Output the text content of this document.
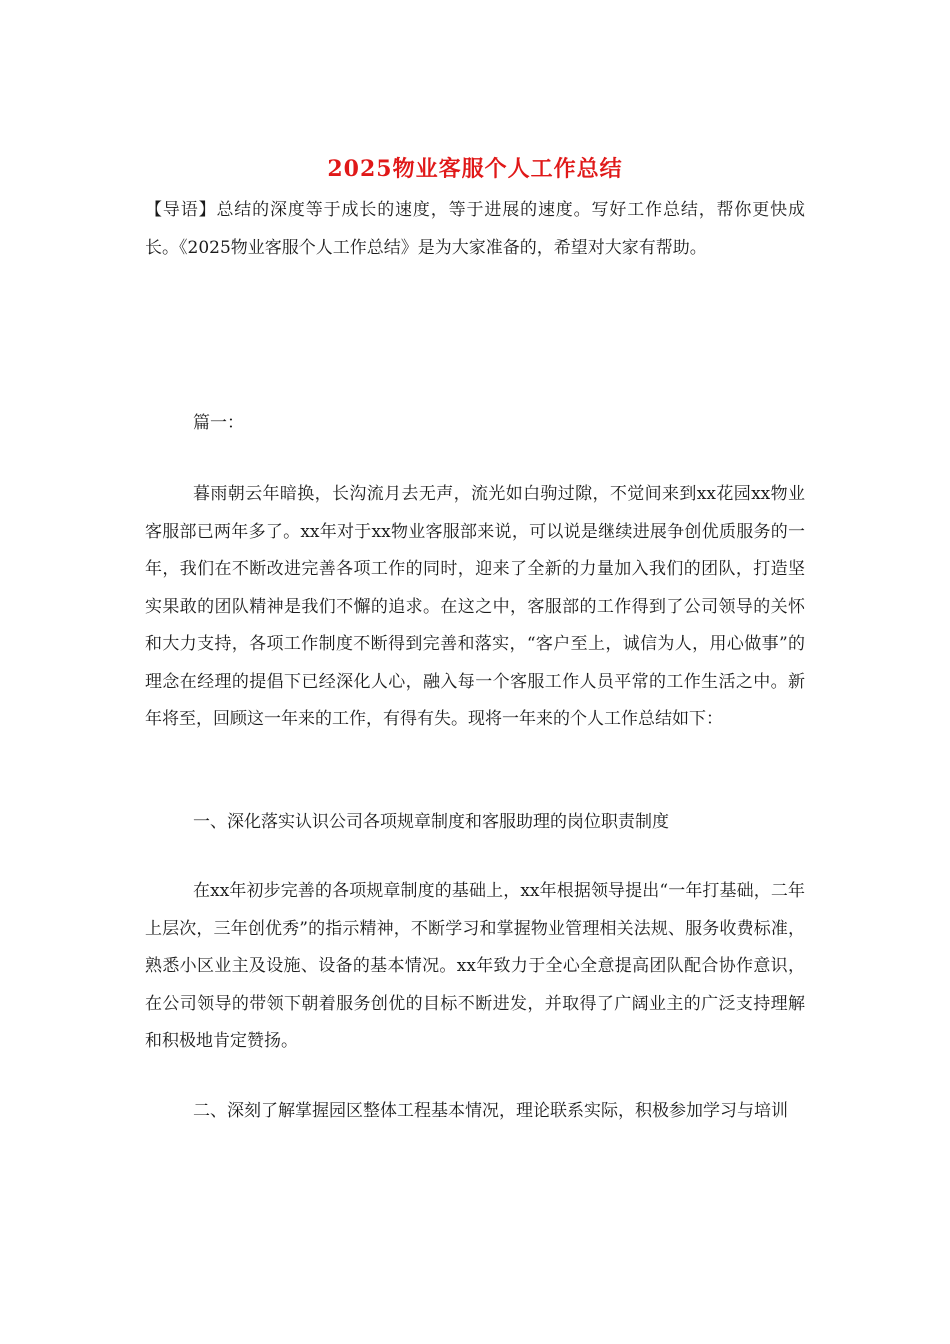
2025物业客服个人工作总结

【导语】总结的深度等于成长的速度，等于进展的速度。写好工作总结，帮你更快成长。《2025物业客服个人工作总结》是为大家准备的，希望对大家有帮助。

篇一：

暮雨朝云年暗换，长沟流月去无声，流光如白驹过隙，不觉间来到xx花园xx物业客服部已两年多了。xx年对于xx物业客服部来说，可以说是继续进展争创优质服务的一年，我们在不断改进完善各项工作的同时，迎来了全新的力量加入我们的团队，打造坚实果敢的团队精神是我们不懈的追求。在这之中，客服部的工作得到了公司领导的关怀和大力支持，各项工作制度不断得到完善和落实，“客户至上，诚信为人，用心做事”的理念在经理的提倡下已经深化人心，融入每一个客服工作人员平常的工作生活之中。新年将至，回顾这一年来的工作，有得有失。现将一年来的个人工作总结如下：

一、深化落实认识公司各项规章制度和客服助理的岗位职责制度

在xx年初步完善的各项规章制度的基础上，xx年根据领导提出“一年打基础，二年上层次，三年创优秀”的指示精神，不断学习和掌握物业管理相关法规、服务收费标准，熟悉小区业主及设施、设备的基本情况。xx年致力于全心全意提高团队配合协作意识，在公司领导的带领下朝着服务创优的目标不断进发，并取得了广阔业主的广泛支持理解和积极地肯定赞扬。

二、深刻了解掌握园区整体工程基本情况，理论联系实际，积极参加学习与培训
